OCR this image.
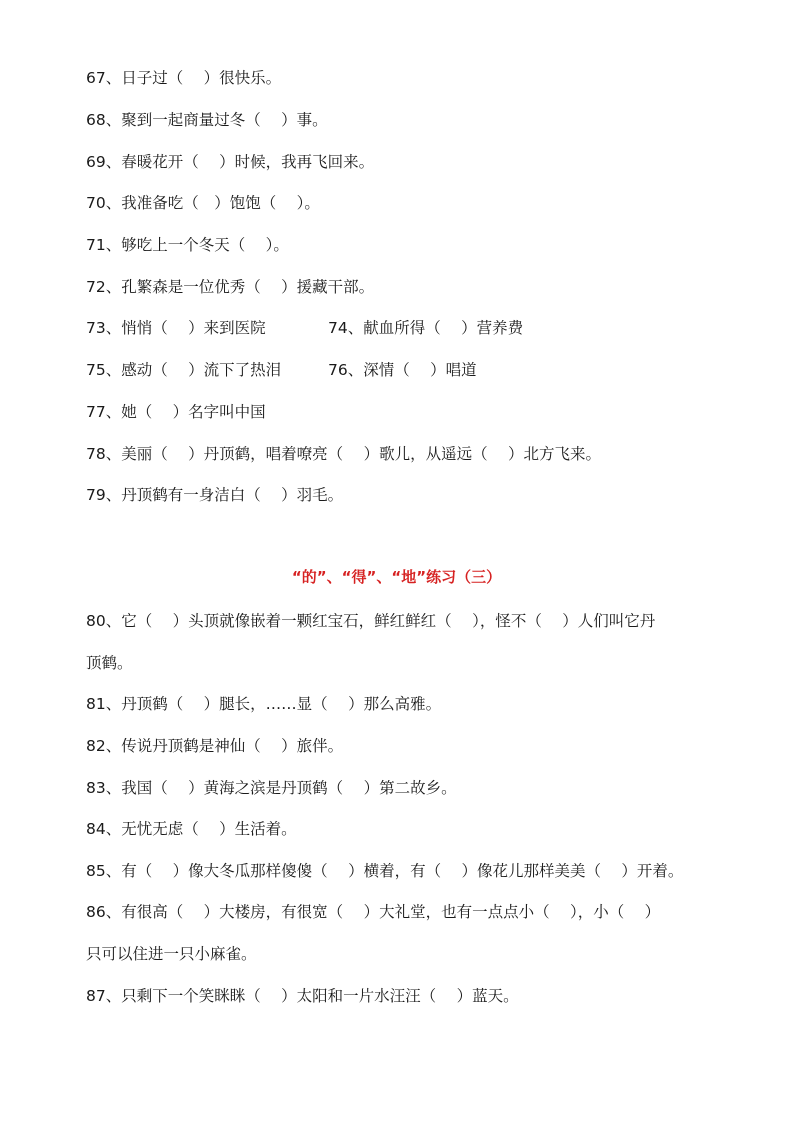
67、日子过（　 ）很快乐。
68、聚到一起商量过冬（　 ）事。
69、春暖花开（　 ）时候，我再飞回来。
70、我准备吃（　）饱饱（　 ）。
71、够吃上一个冬天（　 ）。
72、孔繁森是一位优秀（　 ）援藏干部。
73、悄悄（　 ）来到医院	74、献血所得（　 ）营养费
75、感动（　 ）流下了热泪	76、深情（　 ）唱道
77、她（　 ）名字叫中国
78、美丽（　 ）丹顶鹤，唱着嘹亮（　 ）歌儿，从遥远（　 ）北方飞来。
79、丹顶鹤有一身洁白（　 ）羽毛。
“的”、“得”、“地”练习（三）
80、它（　 ）头顶就像嵌着一颗红宝石，鲜红鲜红（　 ），怪不（　 ）人们叫它丹
顶鹤。
81、丹顶鹤（　 ）腿长，……显（　 ）那么高雅。
82、传说丹顶鹤是神仙（　 ）旅伴。
83、我国（　 ）黄海之滨是丹顶鹤（　 ）第二故乡。
84、无忧无虑（　 ）生活着。
85、有（　 ）像大冬瓜那样傻傻（　 ）横着，有（　 ）像花儿那样美美（　 ）开着。
86、有很高（　 ）大楼房，有很宽（　 ）大礼堂，也有一点点小（　 ），小（　 ）
只可以住进一只小麻雀。
87、只剩下一个笑眯眯（　 ）太阳和一片水汪汪（　 ）蓝天。
